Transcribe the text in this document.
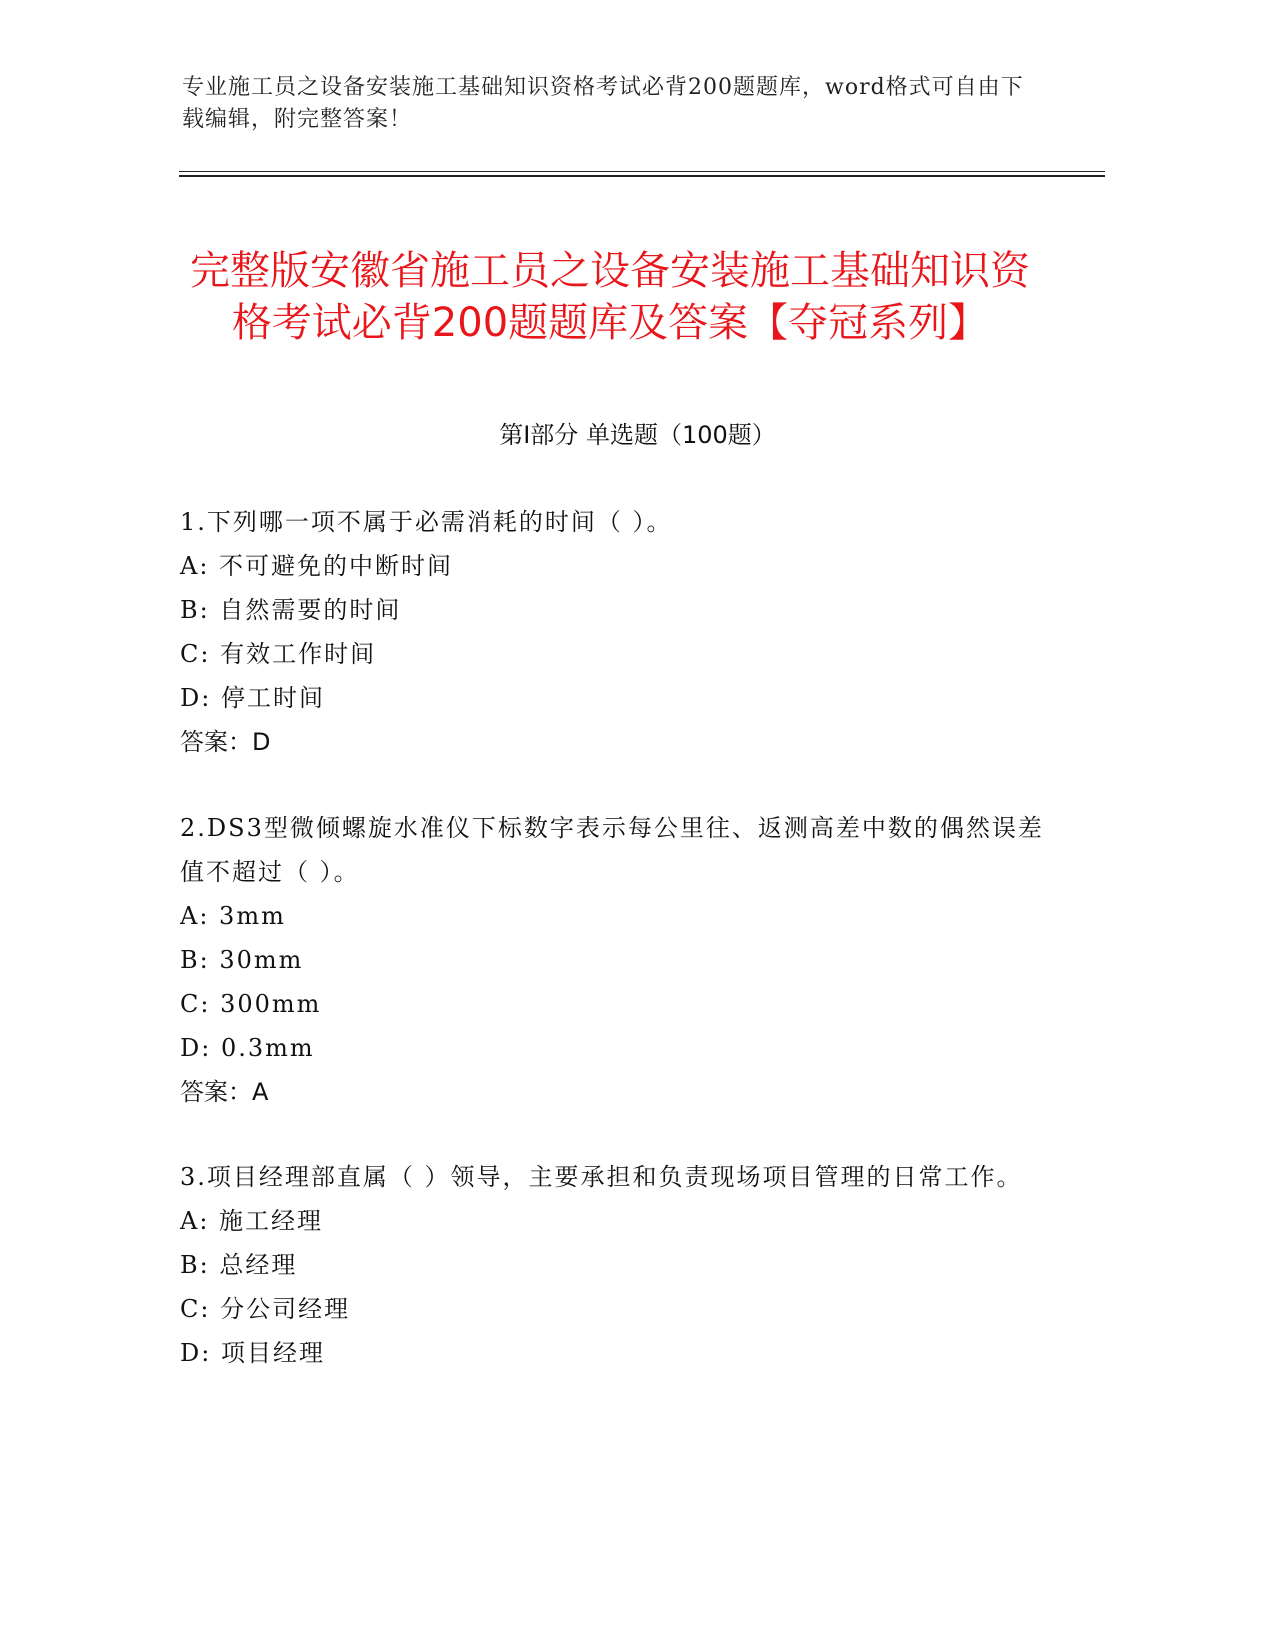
专业施工员之设备安装施工基础知识资格考试必背200题题库，word格式可自由下载编辑，附完整答案！
完整版安徽省施工员之设备安装施工基础知识资格考试必背200题题库及答案【夺冠系列】
第I部分 单选题（100题）
1.下列哪一项不属于必需消耗的时间（ ）。
A: 不可避免的中断时间
B: 自然需要的时间
C: 有效工作时间
D: 停工时间
答案：D
2.DS3型微倾螺旋水准仪下标数字表示每公里往、返测高差中数的偶然误差值不超过（ ）。
A: 3mm
B: 30mm
C: 300mm
D: 0.3mm
答案：A
3.项目经理部直属（ ）领导，主要承担和负责现场项目管理的日常工作。
A: 施工经理
B: 总经理
C: 分公司经理
D: 项目经理
